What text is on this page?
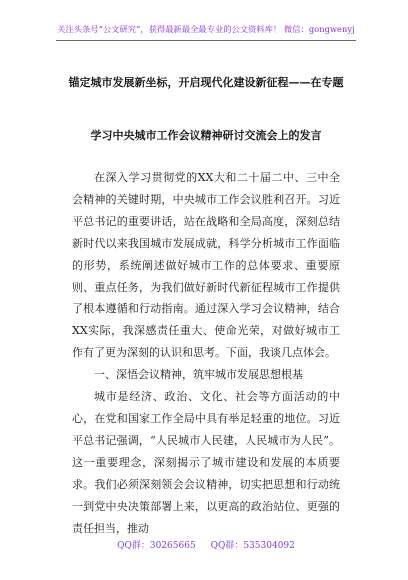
关注头条号“公文研究”，获得最新最全最专业的公文资料库！ 微信：gongwenyj
锚定城市发展新坐标，开启现代化建设新征程——在专题
学习中央城市工作会议精神研讨交流会上的发言

在深入学习贯彻党的XX大和二十届二中、三中全会精神的关键时期，中央城市工作会议胜利召开。习近平总书记的重要讲话，站在战略和全局高度，深刻总结新时代以来我国城市发展成就，科学分析城市工作面临的形势，系统阐述做好城市工作的总体要求、重要原则、重点任务，为我们做好新时代新征程城市工作提供了根本遵循和行动指南。通过深入学习会议精神，结合XX实际，我深感责任重大、使命光荣，对做好城市工作有了更为深刻的认识和思考。下面，我谈几点体会。

一、深悟会议精神，筑牢城市发展思想根基

城市是经济、政治、文化、社会等方面活动的中心，在党和国家工作全局中具有举足轻重的地位。习近平总书记强调，“人民城市人民建，人民城市为人民”。这一重要理念，深刻揭示了城市建设和发展的本质要求。我们必须深刻领会会议精神，切实把思想和行动统一到党中央决策部署上来，以更高的政治站位、更强的责任担当，推动

QQ群：30265665 QQ群：535304092
